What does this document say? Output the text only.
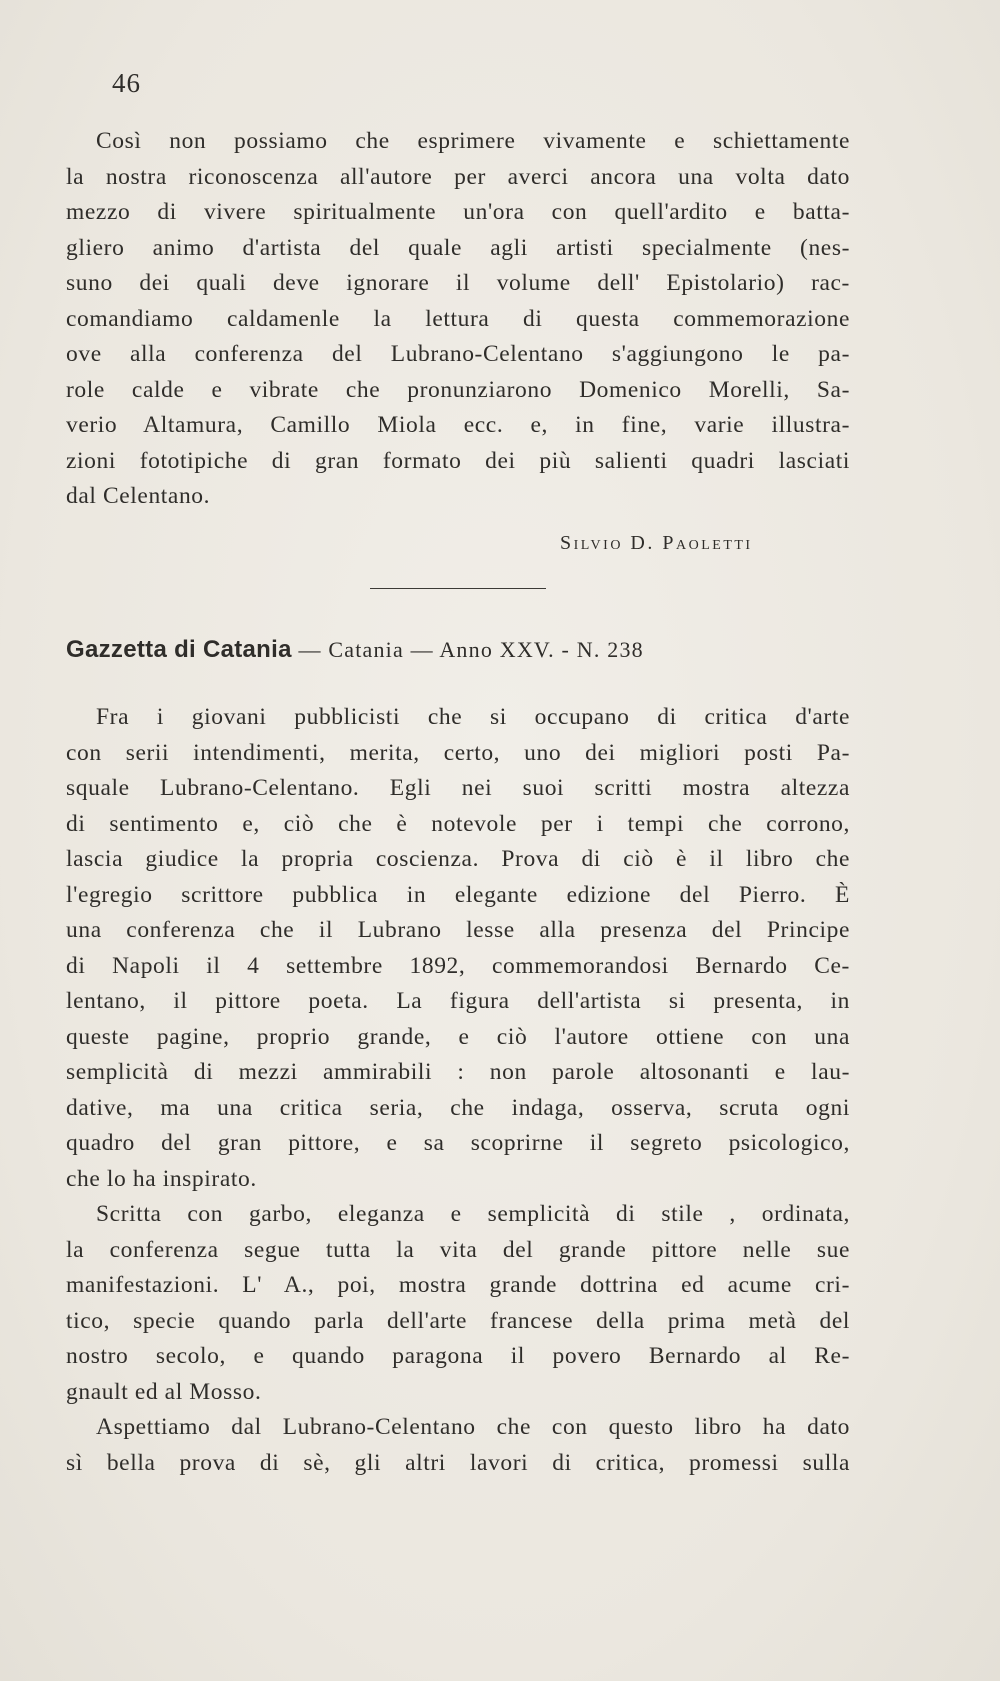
46

Così non possiamo che esprimere vivamente e schiettamente
la nostra riconoscenza all'autore per averci ancora una volta dato
mezzo di vivere spiritualmente un'ora con quell'ardito e batta-
gliero animo d'artista del quale agli artisti specialmente (nes-
suno dei quali deve ignorare il volume dell' Epistolario) rac-
comandiamo caldamenle la lettura di questa commemorazione
ove alla conferenza del Lubrano-Celentano s'aggiungono le pa-
role calde e vibrate che pronunziarono Domenico Morelli, Sa-
verio Altamura, Camillo Miola ecc. e, in fine, varie illustra-
zioni fototipiche di gran formato dei più salienti quadri lasciati
dal Celentano.

Silvio D. Paoletti
Gazzetta di Catania — Catania — Anno XXV. - N. 238

Fra i giovani pubblicisti che si occupano di critica d'arte
con serii intendimenti, merita, certo, uno dei migliori posti Pa-
squale Lubrano-Celentano. Egli nei suoi scritti mostra altezza
di sentimento e, ciò che è notevole per i tempi che corrono,
lascia giudice la propria coscienza. Prova di ciò è il libro che
l'egregio scrittore pubblica in elegante edizione del Pierro. È
una conferenza che il Lubrano lesse alla presenza del Principe
di Napoli il 4 settembre 1892, commemorandosi Bernardo Ce-
lentano, il pittore poeta. La figura dell'artista si presenta, in
queste pagine, proprio grande, e ciò l'autore ottiene con una
semplicità di mezzi ammirabili : non parole altosonanti e lau-
dative, ma una critica seria, che indaga, osserva, scruta ogni
quadro del gran pittore, e sa scoprirne il segreto psicologico,
che lo ha inspirato.

Scritta con garbo, eleganza e semplicità di stile , ordinata,
la conferenza segue tutta la vita del grande pittore nelle sue
manifestazioni. L' A., poi, mostra grande dottrina ed acume cri-
tico, specie quando parla dell'arte francese della prima metà del
nostro secolo, e quando paragona il povero Bernardo al Re-
gnault ed al Mosso.

Aspettiamo dal Lubrano-Celentano che con questo libro ha dato
sì bella prova di sè, gli altri lavori di critica, promessi sulla
